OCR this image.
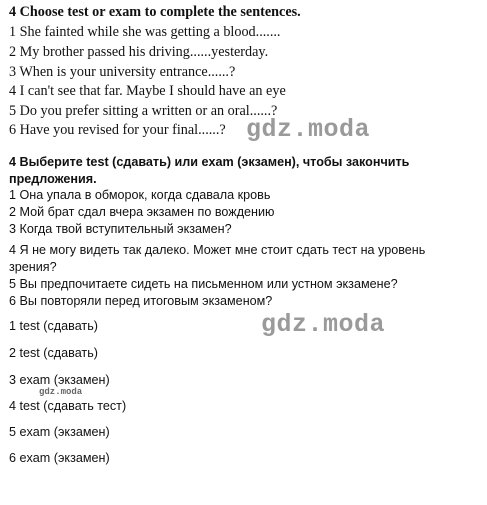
4 Choose test or exam to complete the sentences.
1 She fainted while she was getting a blood.......
2 My brother passed his driving......yesterday.
3 When is your university entrance......?
4 I can't see that far. Maybe I should have an eye
5 Do you prefer sitting a written or an oral......?
6 Have you revised for your final......? gdz.moda
4 Выберите test (сдавать) или exam (экзамен), чтобы закончить
предложения.
1 Она упала в обморок, когда сдавала кровь
2 Мой брат сдал вчера экзамен по вождению
3 Когда твой вступительный экзамен?
4 Я не могу видеть так далеко. Может мне стоит сдать тест на уровень
зрения?
5 Вы предпочитаете сидеть на письменном или устном экзамене?
6 Вы повторяли перед итоговым экзаменом?
gdz.moda
1 test (сдавать)
2 test (сдавать)
3 exam (экзамен)
gdz.moda
4 test (сдавать тест)
5 exam (экзамен)
6 exam (экзамен)
